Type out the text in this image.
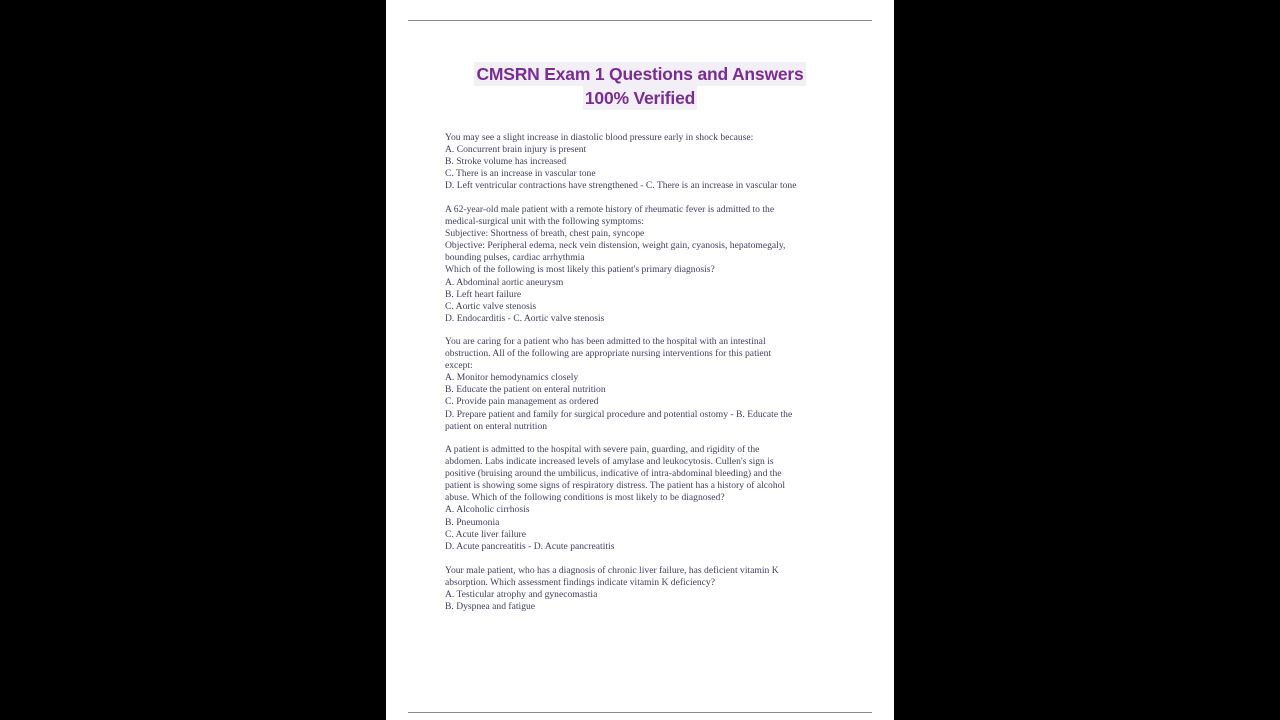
CMSRN Exam 1 Questions and Answers
100% Verified
You may see a slight increase in diastolic blood pressure early in shock because:
A. Concurrent brain injury is present
B. Stroke volume has increased
C. There is an increase in vascular tone
D. Left ventricular contractions have strengthened - C. There is an increase in vascular tone
A 62-year-old male patient with a remote history of rheumatic fever is admitted to the
medical-surgical unit with the following symptoms:
Subjective: Shortness of breath, chest pain, syncope
Objective: Peripheral edema, neck vein distension, weight gain, cyanosis, hepatomegaly,
bounding pulses, cardiac arrhythmia
Which of the following is most likely this patient's primary diagnosis?
A. Abdominal aortic aneurysm
B. Left heart failure
C. Aortic valve stenosis
D. Endocarditis - C. Aortic valve stenosis
You are caring for a patient who has been admitted to the hospital with an intestinal
obstruction. All of the following are appropriate nursing interventions for this patient
except:
A. Monitor hemodynamics closely
B. Educate the patient on enteral nutrition
C. Provide pain management as ordered
D. Prepare patient and family for surgical procedure and potential ostomy - B. Educate the
patient on enteral nutrition
A patient is admitted to the hospital with severe pain, guarding, and rigidity of the
abdomen. Labs indicate increased levels of amylase and leukocytosis. Cullen's sign is
positive (bruising around the umbilicus, indicative of intra-abdominal bleeding) and the
patient is showing some signs of respiratory distress. The patient has a history of alcohol
abuse. Which of the following conditions is most likely to be diagnosed?
A. Alcoholic cirrhosis
B. Pneumonia
C. Acute liver failure
D. Acute pancreatitis - D. Acute pancreatitis
Your male patient, who has a diagnosis of chronic liver failure, has deficient vitamin K
absorption. Which assessment findings indicate vitamin K deficiency?
A. Testicular atrophy and gynecomastia
B. Dyspnea and fatigue
